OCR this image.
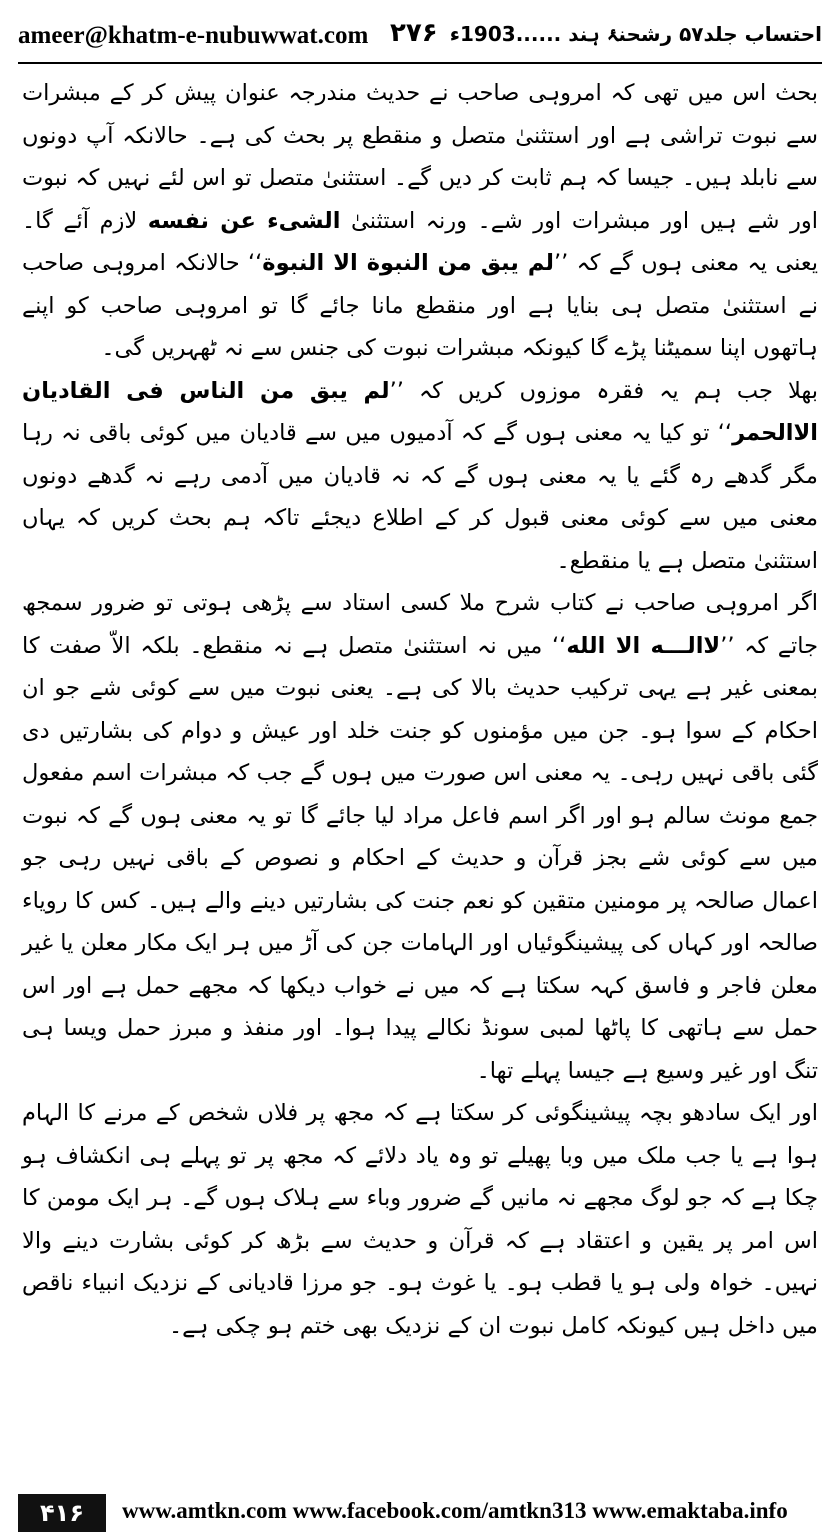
ameer@khatm-e-nubuwwat.com ۲۷۶ احتساب جلد۵۷ رشحنۂ ہند ......1903ء

بحث اس میں تھی کہ امروہی صاحب نے حدیث مندرجہ عنوان پیش کر کے مبشرات سے نبوت تراشی ہے اور استثنیٰ متصل و منقطع پر بحث کی ہے۔ حالانکہ آپ دونوں سے نابلد ہیں۔ جیسا کہ ہم ثابت کر دیں گے۔ استثنیٰ متصل تو اس لئے نہیں کہ نبوت اور شے ہیں اور مبشرات اور شے۔ ورنہ استثنیٰ الشیء عن نفسه لازم آئے گا۔ یعنی یہ معنی ہوں گے کہ ’’لم یبق من النبوة الا النبوة‘‘ حالانکہ امروہی صاحب نے استثنیٰ متصل ہی بنایا ہے اور منقطع مانا جائے گا تو امروہی صاحب کو اپنے ہاتھوں اپنا سمیٹنا پڑے گا کیونکہ مبشرات نبوت کی جنس سے نہ ٹھہریں گی۔

بھلا جب ہم یہ فقرہ موزوں کریں کہ ’’لم یبق من الناس فی القادیان الاالحمر‘‘ تو کیا یہ معنی ہوں گے کہ آدمیوں میں سے قادیان میں کوئی باقی نہ رہا مگر گدھے رہ گئے یا یہ معنی ہوں گے کہ نہ قادیان میں آدمی رہے نہ گدھے دونوں معنی میں سے کوئی معنی قبول کر کے اطلاع دیجئے تاکہ ہم بحث کریں کہ یہاں استثنیٰ متصل ہے یا منقطع۔

اگر امروہی صاحب نے کتاب شرح ملا کسی استاد سے پڑھی ہوتی تو ضرور سمجھ جاتے کہ ’’لاالـــه الا الله‘‘ میں نہ استثنیٰ متصل ہے نہ منقطع۔ بلکہ الاّ صفت کا بمعنی غیر ہے یہی ترکیب حدیث بالا کی ہے۔ یعنی نبوت میں سے کوئی شے جو ان احکام کے سوا ہو۔ جن میں مؤمنوں کو جنت خلد اور عیش و دوام کی بشارتیں دی گئی باقی نہیں رہی۔ یہ معنی اس صورت میں ہوں گے جب کہ مبشرات اسم مفعول جمع مونث سالم ہو اور اگر اسم فاعل مراد لیا جائے گا تو یہ معنی ہوں گے کہ نبوت میں سے کوئی شے بجز قرآن و حدیث کے احکام و نصوص کے باقی نہیں رہی جو اعمال صالحہ پر مومنین متقین کو نعم جنت کی بشارتیں دینے والے ہیں۔ کس کا رویاء صالحہ اور کہاں کی پیشینگوئیاں اور الہامات جن کی آڑ میں ہر ایک مکار معلن یا غیر معلن فاجر و فاسق کہہ سکتا ہے کہ میں نے خواب دیکھا کہ مجھے حمل ہے اور اس حمل سے ہاتھی کا پاٹھا لمبی سونڈ نکالے پیدا ہوا۔ اور منفذ و مبرز حمل ویسا ہی تنگ اور غیر وسیع ہے جیسا پہلے تھا۔

اور ایک سادھو بچہ پیشینگوئی کر سکتا ہے کہ مجھ پر فلاں شخص کے مرنے کا الہام ہوا ہے یا جب ملک میں وبا پھیلے تو وہ یاد دلائے کہ مجھ پر تو پہلے ہی انکشاف ہو چکا ہے کہ جو لوگ مجھے نہ مانیں گے ضرور وباء سے ہلاک ہوں گے۔ ہر ایک مومن کا اس امر پر یقین و اعتقاد ہے کہ قرآن و حدیث سے بڑھ کر کوئی بشارت دینے والا نہیں۔ خواہ ولی ہو یا قطب ہو۔ یا غوث ہو۔ جو مرزا قادیانی کے نزدیک انبیاء ناقص میں داخل ہیں کیونکہ کامل نبوت ان کے نزدیک بھی ختم ہو چکی ہے۔

۴۱۶	www.amtkn.com www.facebook.com/amtkn313 www.emaktaba.info
